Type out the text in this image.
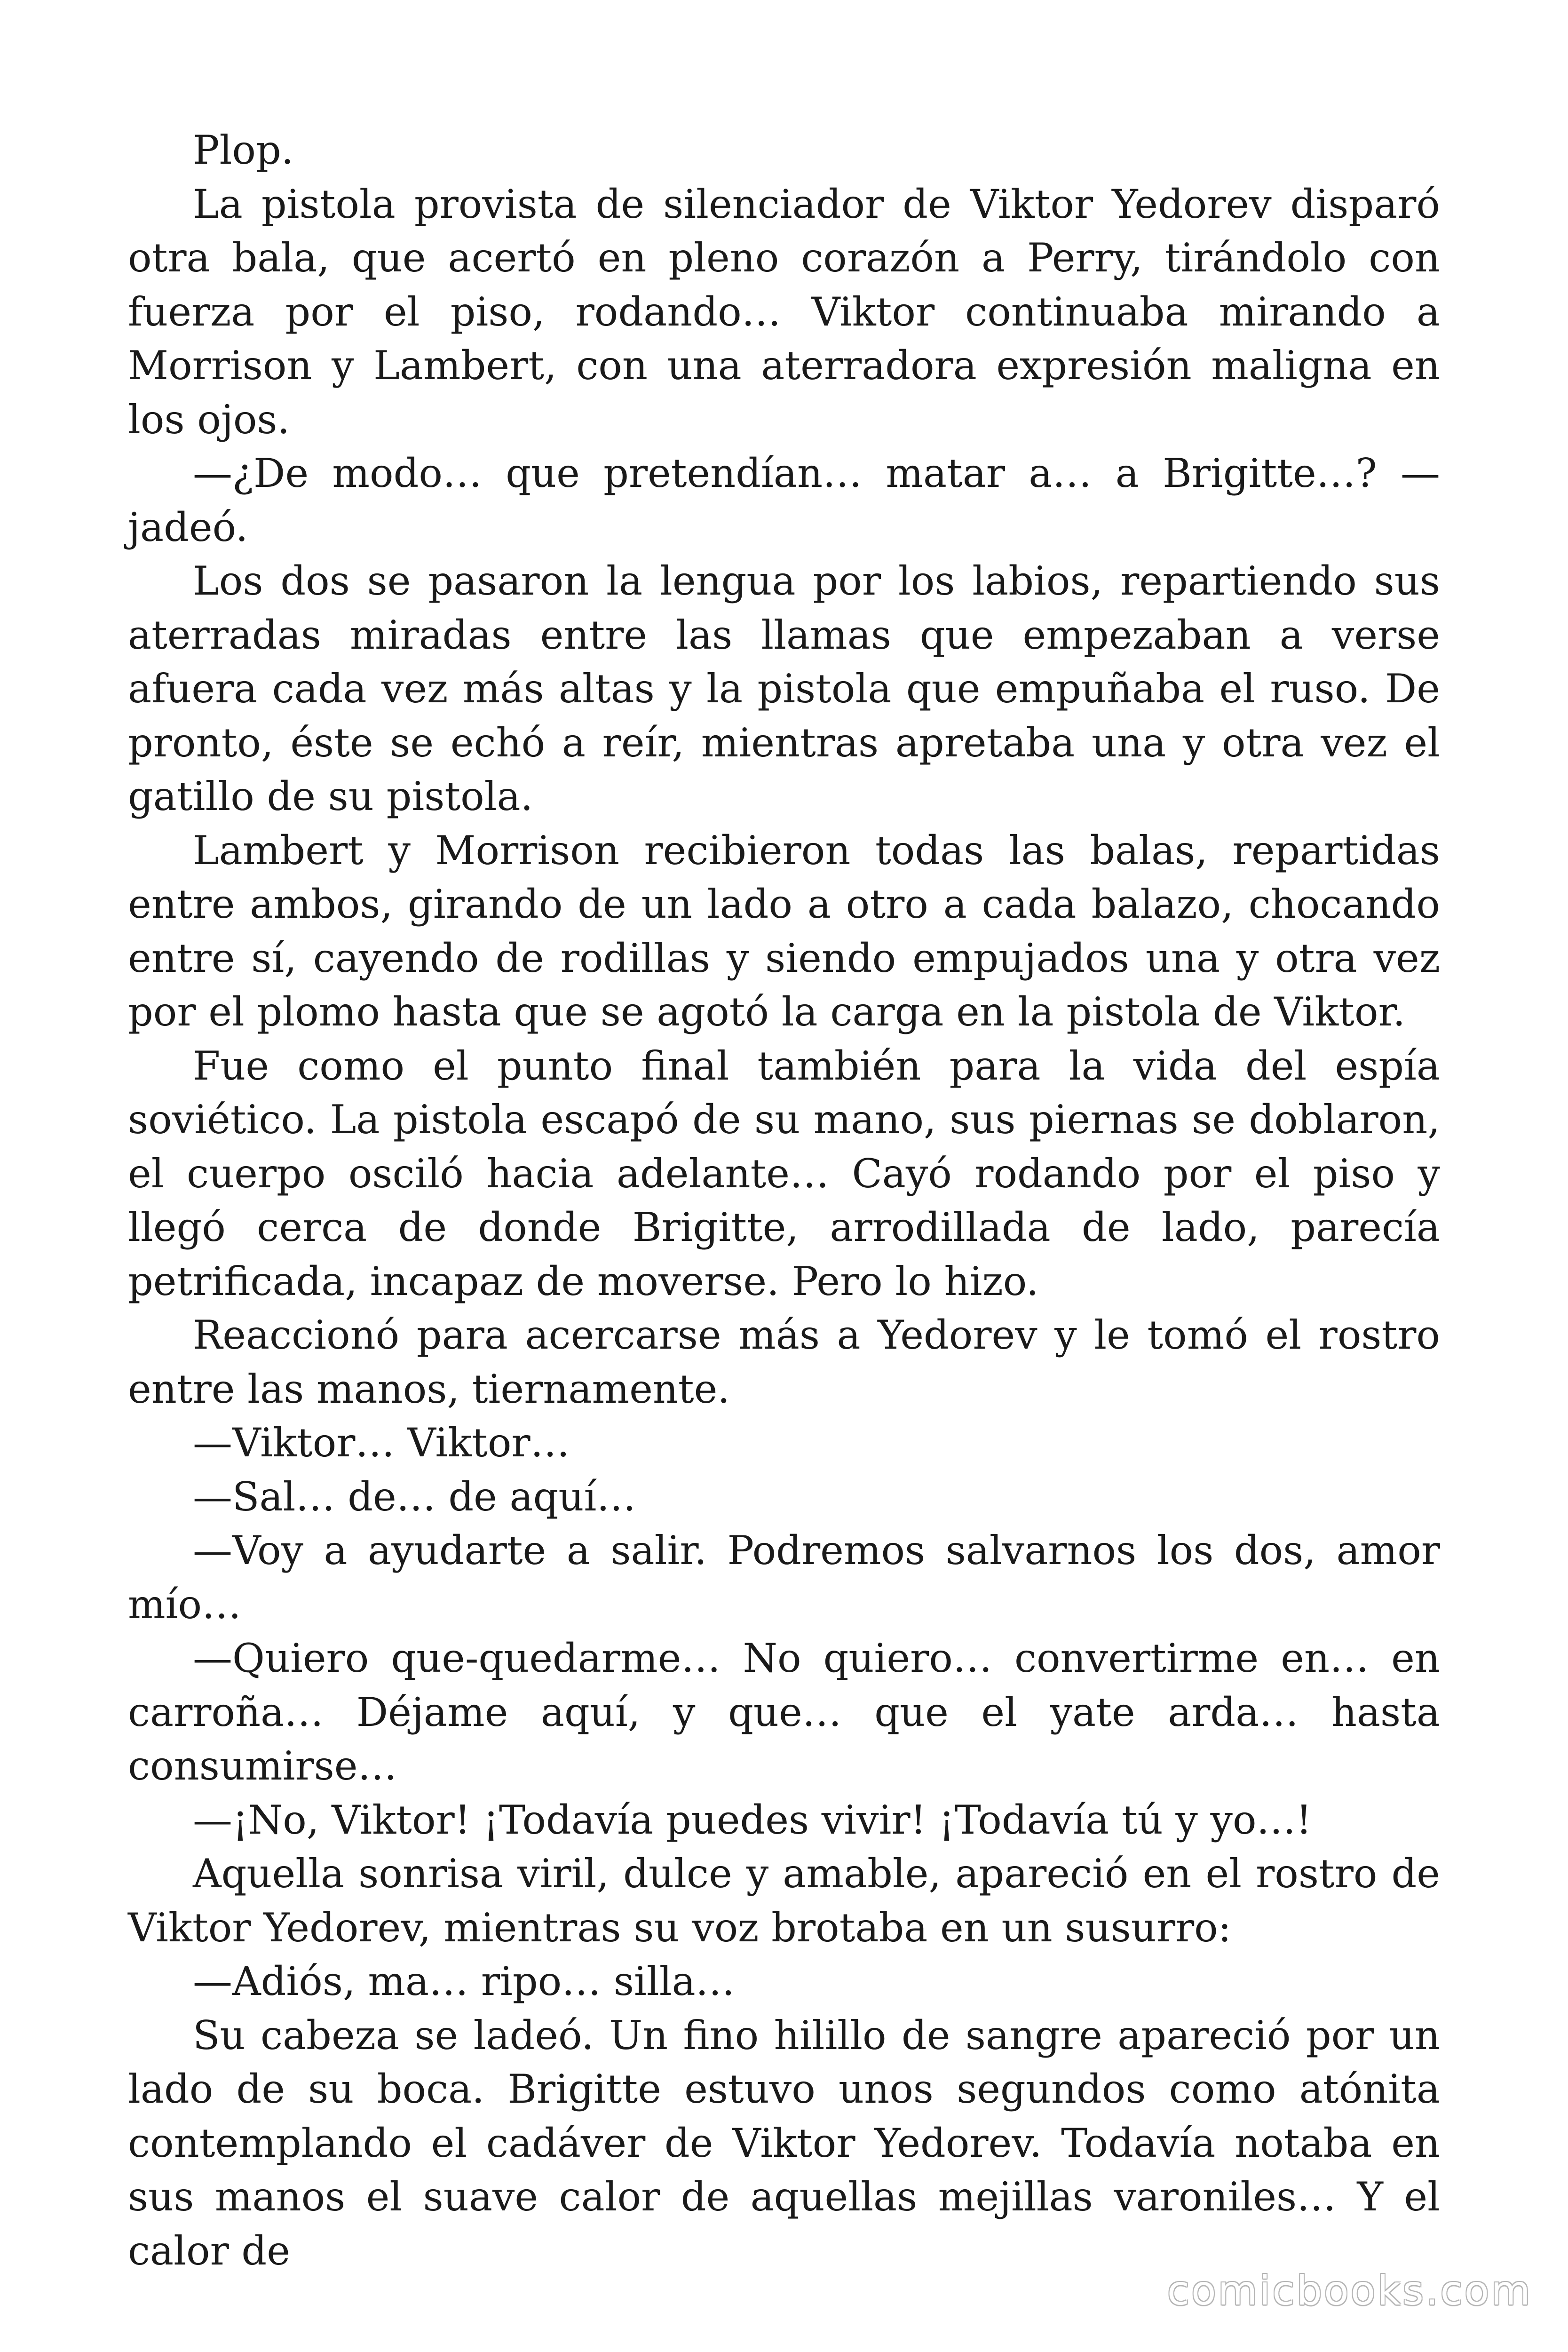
Plop.

La pistola provista de silenciador de Viktor Yedorev disparó otra bala, que acertó en pleno corazón a Perry, tirándolo con fuerza por el piso, rodando… Viktor continuaba mirando a Morrison y Lambert, con una aterradora expresión maligna en los ojos.

—¿De modo… que pretendían… matar a… a Brigitte…? —jadeó.

Los dos se pasaron la lengua por los labios, repartiendo sus aterradas miradas entre las llamas que empezaban a verse afuera cada vez más altas y la pistola que empuñaba el ruso. De pronto, éste se echó a reír, mientras apretaba una y otra vez el gatillo de su pistola.

Lambert y Morrison recibieron todas las balas, repartidas entre ambos, girando de un lado a otro a cada balazo, chocando entre sí, cayendo de rodillas y siendo empujados una y otra vez por el plomo hasta que se agotó la carga en la pistola de Viktor.

Fue como el punto final también para la vida del espía soviético. La pistola escapó de su mano, sus piernas se doblaron, el cuerpo osciló hacia adelante… Cayó rodando por el piso y llegó cerca de donde Brigitte, arrodillada de lado, parecía petrificada, incapaz de moverse. Pero lo hizo.

Reaccionó para acercarse más a Yedorev y le tomó el rostro entre las manos, tiernamente.

—Viktor… Viktor…

—Sal… de… de aquí…

—Voy a ayudarte a salir. Podremos salvarnos los dos, amor mío…

—Quiero que-quedarme… No quiero… convertirme en… en carroña… Déjame aquí, y que… que el yate arda… hasta consumirse…

—¡No, Viktor! ¡Todavía puedes vivir! ¡Todavía tú y yo…!

Aquella sonrisa viril, dulce y amable, apareció en el rostro de Viktor Yedorev, mientras su voz brotaba en un susurro:

—Adiós, ma… ripo… silla…

Su cabeza se ladeó. Un fino hilillo de sangre apareció por un lado de su boca. Brigitte estuvo unos segundos como atónita contemplando el cadáver de Viktor Yedorev. Todavía notaba en sus manos el suave calor de aquellas mejillas varoniles… Y el calor de

comicbooks.com
